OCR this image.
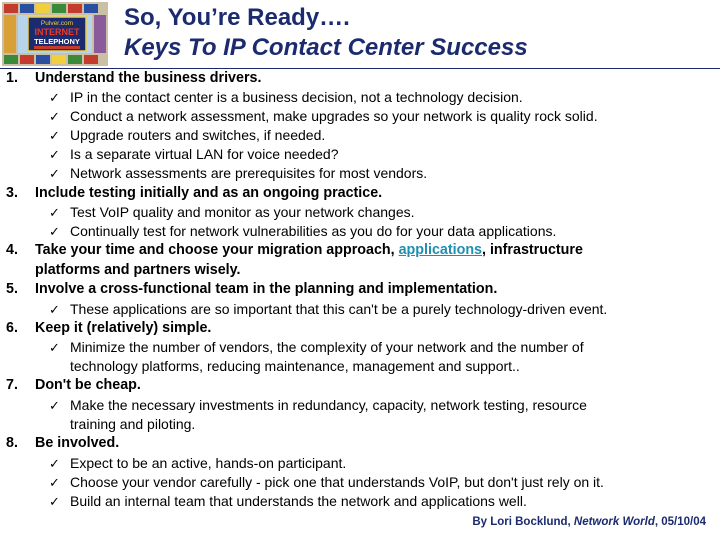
Pulver.com
INTERNET
TELEPHONY
So, You’re Ready….
Keys To IP Contact Center Success
1. Understand the business drivers.
✓ IP in the contact center is a business decision, not a technology decision.
✓ Conduct a network assessment, make upgrades so your network is quality rock solid.
✓ Upgrade routers and switches, if needed.
✓ Is a separate virtual LAN for voice needed?
✓ Network assessments are prerequisites for most vendors.
3. Include testing initially and as an ongoing practice.
✓ Test VoIP quality and monitor as your network changes.
✓ Continually test for network vulnerabilities as you do for your data applications.
4. Take your time and choose your migration approach, applications, infrastructure
platforms and partners wisely.
5. Involve a cross-functional team in the planning and implementation.
✓ These applications are so important that this can't be a purely technology-driven event.
6. Keep it (relatively) simple.
✓ Minimize the number of vendors, the complexity of your network and the number of
technology platforms, reducing maintenance, management and support..
7. Don't be cheap.
✓ Make the necessary investments in redundancy, capacity, network testing, resource
training and piloting.
8. Be involved.
✓ Expect to be an active, hands-on participant.
✓ Choose your vendor carefully - pick one that understands VoIP, but don't just rely on it.
✓ Build an internal team that understands the network and applications well.
By Lori Bocklund, Network World, 05/10/04
